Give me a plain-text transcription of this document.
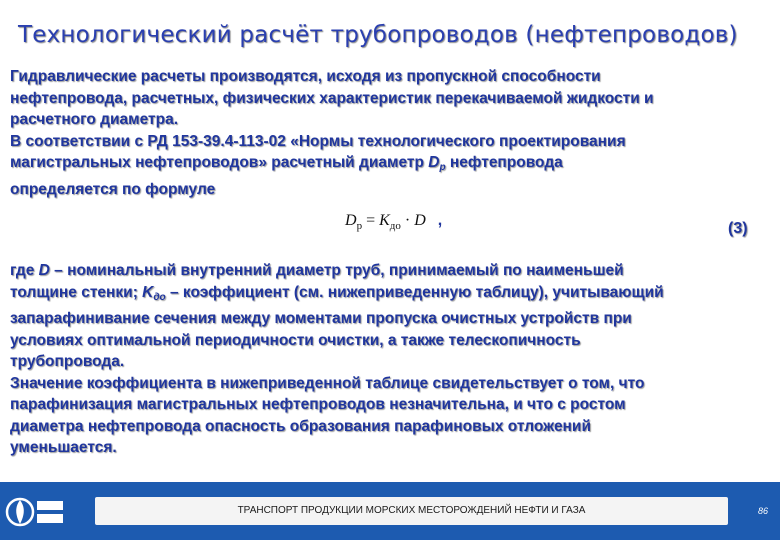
Технологический расчёт трубопроводов (нефтепроводов)
Гидравлические расчеты производятся, исходя из пропускной способности
нефтепровода, расчетных, физических характеристик перекачиваемой жидкости и
расчетного диаметра.
В соответствии с РД 153-39.4-113-02 «Нормы технологического проектирования
магистральных нефтепроводов» расчетный диаметр $D_р$ нефтепровода
определяется по формуле
$D_р = K_{до} \cdot D$ ,	(3)
где D – номинальный внутренний диаметр труб, принимаемый по наименьшей
толщине стенки; $K_{до}$ – коэффициент (см. нижеприведенную таблицу), учитывающий
запарафинивание сечения между моментами пропуска очистных устройств при
условиях оптимальной периодичности очистки, а также телескопичность
трубопровода.
Значение коэффициента в нижеприведенной таблице свидетельствует о том, что
парафинизация магистральных нефтепроводов незначительна, и что с ростом
диаметра нефтепровода опасность образования парафиновых отложений
уменьшается.
ТРАНСПОРТ ПРОДУКЦИИ МОРСКИХ МЕСТОРОЖДЕНИЙ НЕФТИ И ГАЗА	86
